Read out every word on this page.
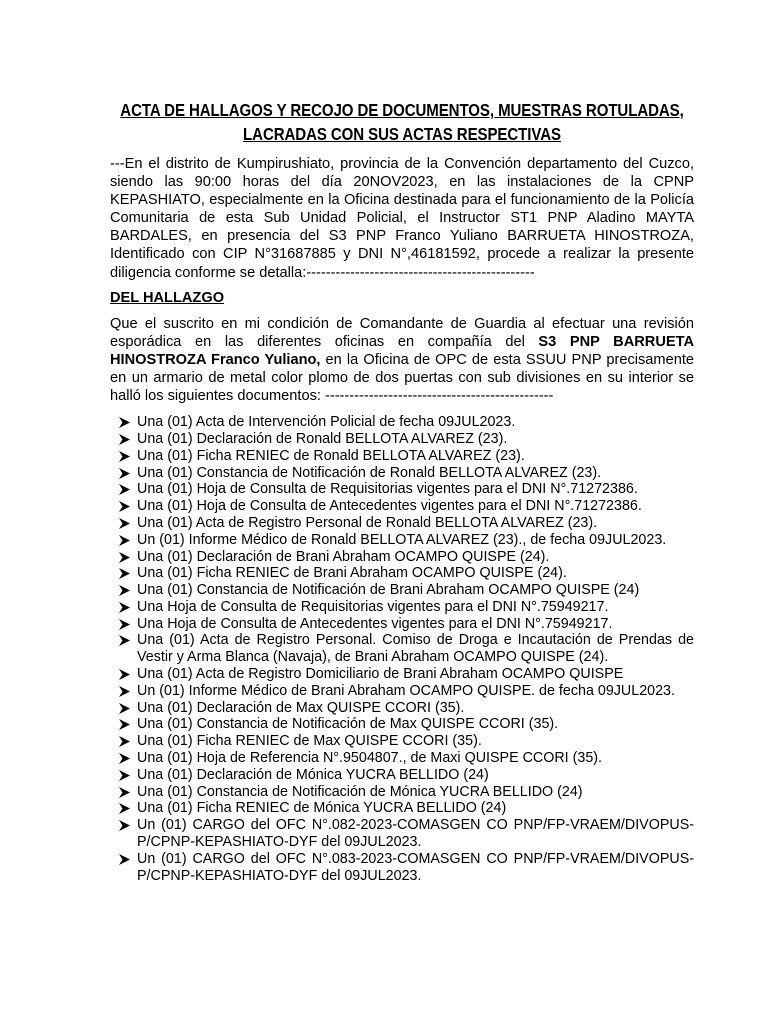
ACTA DE HALLAGOS Y RECOJO DE DOCUMENTOS, MUESTRAS ROTULADAS,
LACRADAS CON SUS ACTAS RESPECTIVAS

---En el distrito de Kumpirushiato, provincia de la Convención departamento del Cuzco, siendo las 90:00 horas del día 20NOV2023, en las instalaciones de la CPNP KEPASHIATO, especialmente en la Oficina destinada para el funcionamiento de la Policía Comunitaria de esta Sub Unidad Policial, el Instructor ST1 PNP Aladino MAYTA BARDALES, en presencia del S3 PNP Franco Yuliano BARRUETA HINOSTROZA, Identificado con CIP N°31687885 y DNI N°,46181592, procede a realizar la presente diligencia conforme se detalla:-----------------------------------------------

DEL HALLAZGO

Que el suscrito en mi condición de Comandante de Guardia al efectuar una revisión esporádica en las diferentes oficinas en compañía del S3 PNP BARRUETA HINOSTROZA Franco Yuliano, en la Oficina de OPC de esta SSUU PNP precisamente en un armario de metal color plomo de dos puertas con sub divisiones en su interior se halló los siguientes documentos: -----------------------------------------------

Una (01) Acta de Intervención Policial de fecha 09JUL2023.
Una (01) Declaración de Ronald BELLOTA ALVAREZ (23).
Una (01) Ficha RENIEC de Ronald BELLOTA ALVAREZ (23).
Una (01) Constancia de Notificación de Ronald BELLOTA ALVAREZ (23).
Una (01) Hoja de Consulta de Requisitorias vigentes para el DNI N°.71272386.
Una (01) Hoja de Consulta de Antecedentes vigentes para el DNI N°.71272386.
Una (01) Acta de Registro Personal de Ronald BELLOTA ALVAREZ (23).
Un (01) Informe Médico de Ronald BELLOTA ALVAREZ (23)., de fecha 09JUL2023.
Una (01) Declaración de Brani Abraham OCAMPO QUISPE (24).
Una (01) Ficha RENIEC de Brani Abraham OCAMPO QUISPE (24).
Una (01) Constancia de Notificación de Brani Abraham OCAMPO QUISPE (24)
Una Hoja de Consulta de Requisitorias vigentes para el DNI N°.75949217.
Una Hoja de Consulta de Antecedentes vigentes para el DNI N°.75949217.
Una (01) Acta de Registro Personal. Comiso de Droga e Incautación de Prendas de Vestir y Arma Blanca (Navaja), de Brani Abraham OCAMPO QUISPE (24).
Una (01) Acta de Registro Domiciliario de Brani Abraham OCAMPO QUISPE
Un (01) Informe Médico de Brani Abraham OCAMPO QUISPE. de fecha 09JUL2023.
Una (01) Declaración de Max QUISPE CCORI (35).
Una (01) Constancia de Notificación de Max QUISPE CCORI (35).
Una (01) Ficha RENIEC de Max QUISPE CCORI (35).
Una (01) Hoja de Referencia N°.9504807., de Maxi QUISPE CCORI (35).
Una (01) Declaración de Mónica YUCRA BELLIDO (24)
Una (01) Constancia de Notificación de Mónica YUCRA BELLIDO (24)
Una (01) Ficha RENIEC de Mónica YUCRA BELLIDO (24)
Un (01) CARGO del OFC N°.082-2023-COMASGEN CO PNP/FP-VRAEM/DIVOPUS-P/CPNP-KEPASHIATO-DYF del 09JUL2023.
Un (01) CARGO del OFC N°.083-2023-COMASGEN CO PNP/FP-VRAEM/DIVOPUS-P/CPNP-KEPASHIATO-DYF del 09JUL2023.
